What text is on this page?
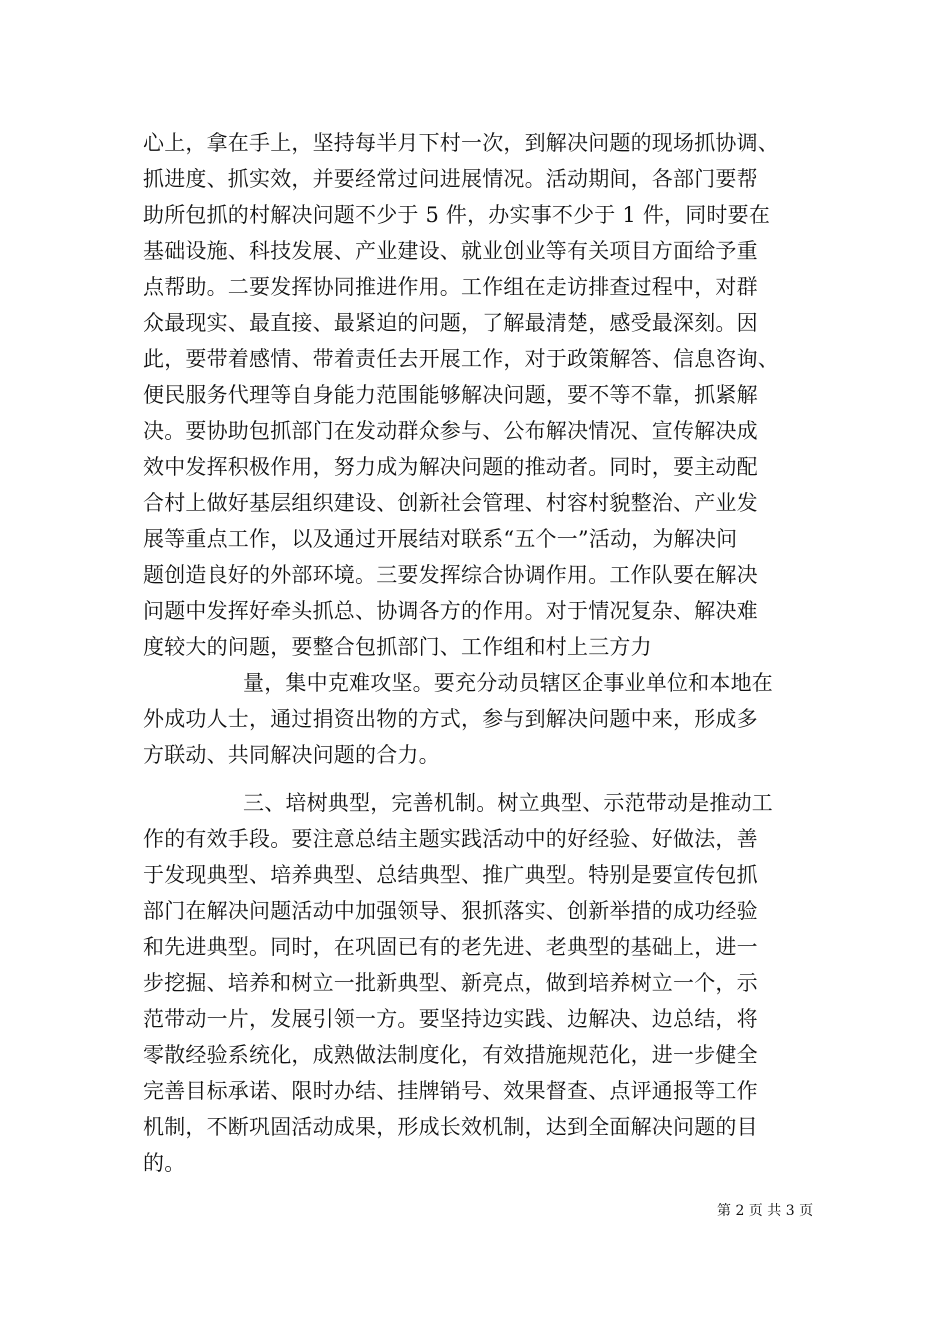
心上，拿在手上，坚持每半月下村一次，到解决问题的现场抓协调、
抓进度、抓实效，并要经常过问进展情况。活动期间，各部门要帮
助所包抓的村解决问题不少于 5 件，办实事不少于 1 件，同时要在
基础设施、科技发展、产业建设、就业创业等有关项目方面给予重
点帮助。二要发挥协同推进作用。工作组在走访排查过程中，对群
众最现实、最直接、最紧迫的问题，了解最清楚，感受最深刻。因
此，要带着感情、带着责任去开展工作，对于政策解答、信息咨询、
便民服务代理等自身能力范围能够解决问题，要不等不靠，抓紧解
决。要协助包抓部门在发动群众参与、公布解决情况、宣传解决成
效中发挥积极作用，努力成为解决问题的推动者。同时，要主动配
合村上做好基层组织建设、创新社会管理、村容村貌整治、产业发
展等重点工作，以及通过开展结对联系“五个一”活动，为解决问
题创造良好的外部环境。三要发挥综合协调作用。工作队要在解决
问题中发挥好牵头抓总、协调各方的作用。对于情况复杂、解决难
度较大的问题，要整合包抓部门、工作组和村上三方力
量，集中克难攻坚。要充分动员辖区企事业单位和本地在
外成功人士，通过捐资出物的方式，参与到解决问题中来，形成多
方联动、共同解决问题的合力。
三、培树典型，完善机制。树立典型、示范带动是推动工
作的有效手段。要注意总结主题实践活动中的好经验、好做法，善
于发现典型、培养典型、总结典型、推广典型。特别是要宣传包抓
部门在解决问题活动中加强领导、狠抓落实、创新举措的成功经验
和先进典型。同时，在巩固已有的老先进、老典型的基础上，进一
步挖掘、培养和树立一批新典型、新亮点，做到培养树立一个，示
范带动一片，发展引领一方。要坚持边实践、边解决、边总结，将
零散经验系统化，成熟做法制度化，有效措施规范化，进一步健全
完善目标承诺、限时办结、挂牌销号、效果督查、点评通报等工作
机制，不断巩固活动成果，形成长效机制，达到全面解决问题的目
的。
第 2 页 共 3 页
